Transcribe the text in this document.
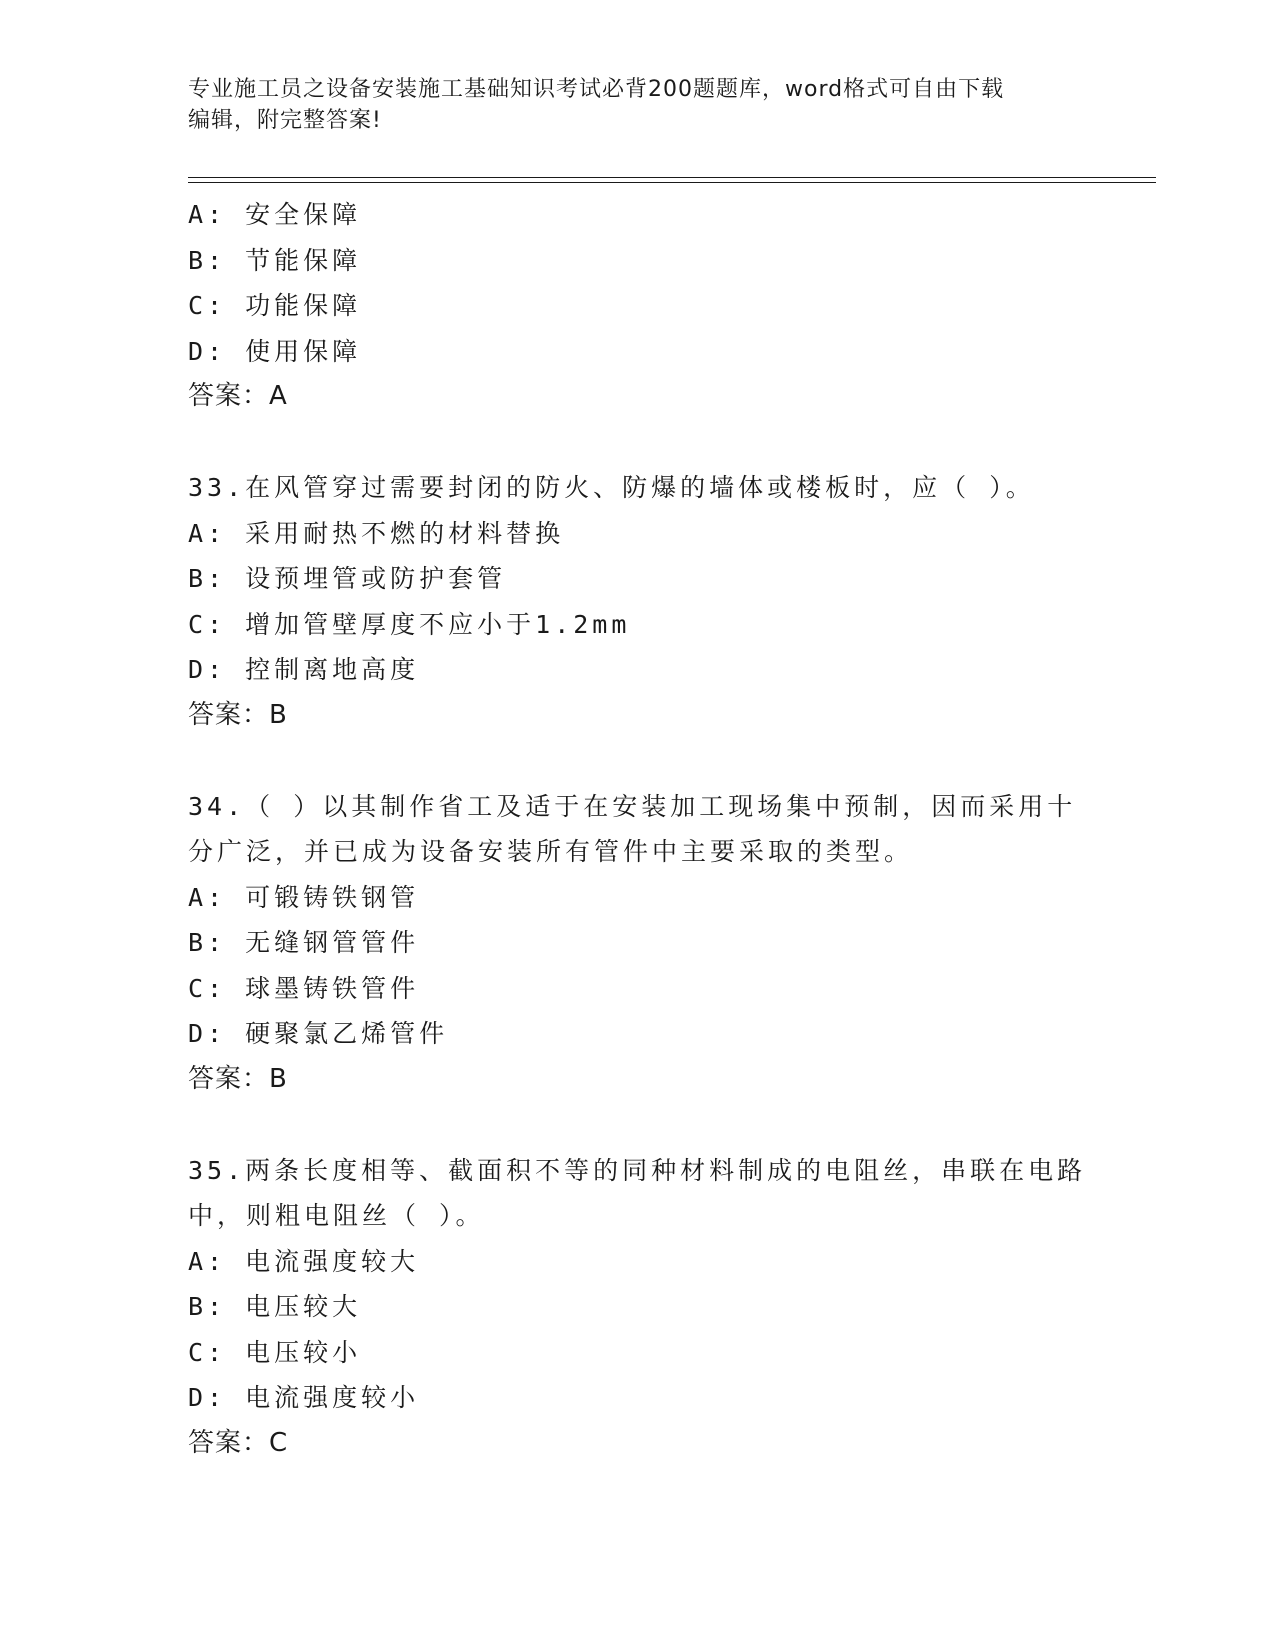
专业施工员之设备安装施工基础知识考试必背200题题库，word格式可自由下载
编辑，附完整答案!
A: 安全保障
B: 节能保障
C: 功能保障
D: 使用保障
答案：A
33.在风管穿过需要封闭的防火、防爆的墙体或楼板时，应（ ）。
A: 采用耐热不燃的材料替换
B: 设预埋管或防护套管
C: 增加管壁厚度不应小于1.2mm
D: 控制离地高度
答案：B
34.（ ）以其制作省工及适于在安装加工现场集中预制，因而采用十
分广泛，并已成为设备安装所有管件中主要采取的类型。
A: 可锻铸铁钢管
B: 无缝钢管管件
C: 球墨铸铁管件
D: 硬聚氯乙烯管件
答案：B
35.两条长度相等、截面积不等的同种材料制成的电阻丝，串联在电路
中，则粗电阻丝（ ）。
A: 电流强度较大
B: 电压较大
C: 电压较小
D: 电流强度较小
答案：C
